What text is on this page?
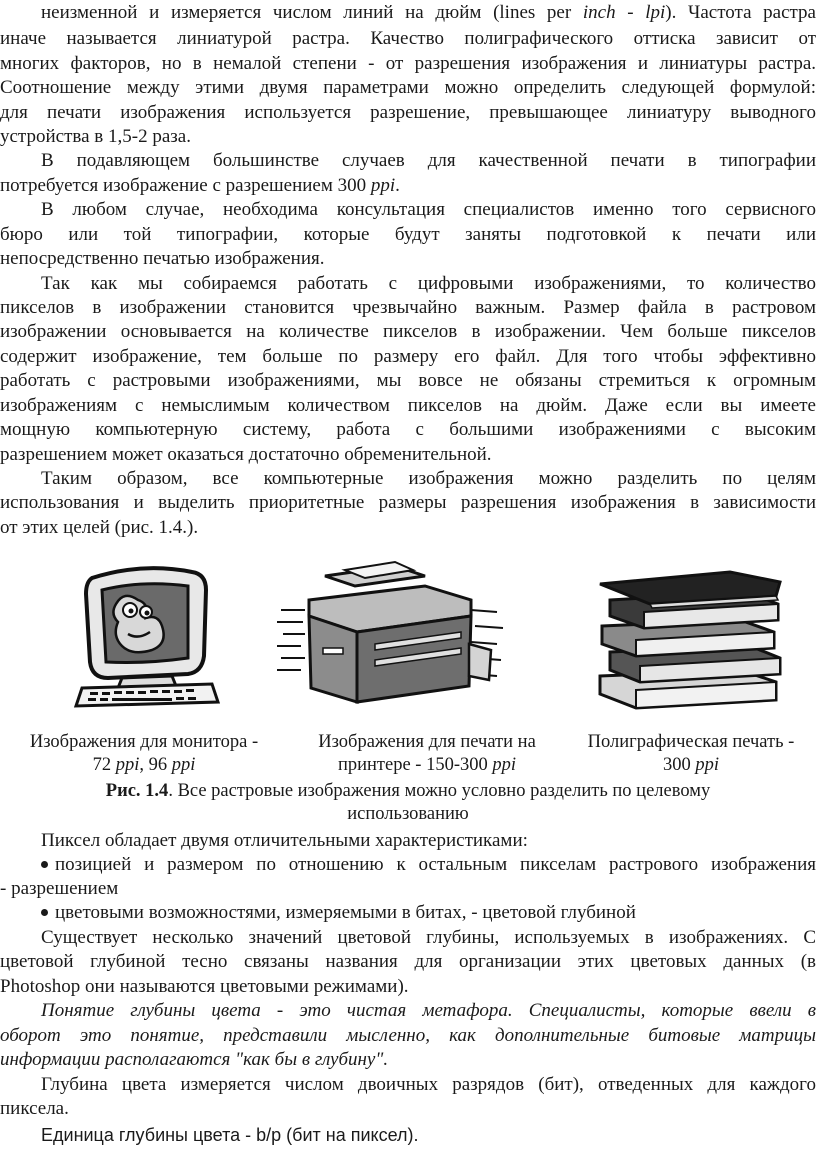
неизменной и измеряется числом линий на дюйм (lines per inch - lpi). Частота растра
иначе называется линиатурой растра. Качество полиграфического оттиска зависит от
многих факторов, но в немалой степени - от разрешения изображения и линиатуры растра.
Соотношение между этими двумя параметрами можно определить следующей формулой:
для печати изображения используется разрешение, превышающее линиатуру выводного
устройства в 1,5-2 раза.
В подавляющем большинстве случаев для качественной печати в типографии
потребуется изображение с разрешением 300 ppi.
В любом случае, необходима консультация специалистов именно того сервисного
бюро или той типографии, которые будут заняты подготовкой к печати или
непосредственно печатью изображения.
Так как мы собираемся работать с цифровыми изображениями, то количество
пикселов в изображении становится чрезвычайно важным. Размер файла в растровом
изображении основывается на количестве пикселов в изображении. Чем больше пикселов
содержит изображение, тем больше по размеру его файл. Для того чтобы эффективно
работать с растровыми изображениями, мы вовсе не обязаны стремиться к огромным
изображениям с немыслимым количеством пикселов на дюйм. Даже если вы имеете
мощную компьютерную систему, работа с большими изображениями с высоким
разрешением может оказаться достаточно обременительной.
Таким образом, все компьютерные изображения можно разделить по целям
использования и выделить приоритетные размеры разрешения изображения в зависимости
от этих целей (рис. 1.4.).
Изображения для монитора -
72 ppi, 96 ppi
Изображения для печати на
принтере - 150-300 ppi
Полиграфическая печать -
300 ppi
Рис. 1.4. Все растровые изображения можно условно разделить по целевому
использованию
Пиксел обладает двумя отличительными характеристиками:
позицией и размером по отношению к остальным пикселам растрового изображения
- разрешением
цветовыми возможностями, измеряемыми в битах, - цветовой глубиной
Существует несколько значений цветовой глубины, используемых в изображениях. С
цветовой глубиной тесно связаны названия для организации этих цветовых данных (в
Photoshop они называются цветовыми режимами).
Понятие глубины цвета - это чистая метафора. Специалисты, которые ввели в
оборот это понятие, представили мысленно, как дополнительные битовые матрицы
информации располагаются "как бы в глубину".
Глубина цвета измеряется числом двоичных разрядов (бит), отведенных для каждого
пиксела.
Единица глубины цвета - b/p (бит на пиксел).
